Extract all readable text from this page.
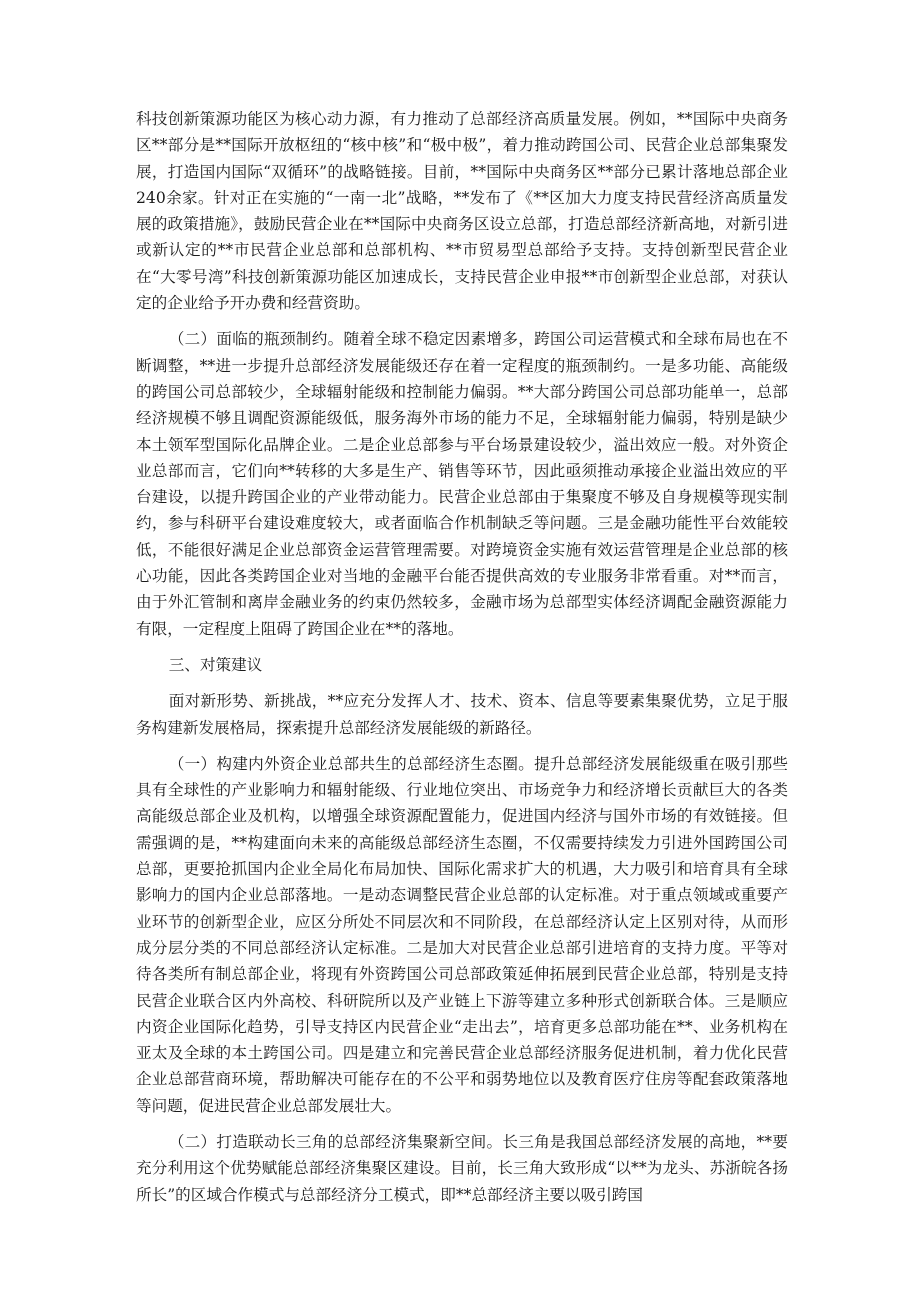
科技创新策源功能区为核心动力源，有力推动了总部经济高质量发展。例如，**国际中央商务区**部分是**国际开放枢纽的“核中核”和“极中极”，着力推动跨国公司、民营企业总部集聚发展，打造国内国际“双循环”的战略链接。目前，**国际中央商务区**部分已累计落地总部企业240余家。针对正在实施的“一南一北”战略，**发布了《**区加大力度支持民营经济高质量发展的政策措施》，鼓励民营企业在**国际中央商务区设立总部，打造总部经济新高地，对新引进或新认定的**市民营企业总部和总部机构、**市贸易型总部给予支持。支持创新型民营企业在“大零号湾”科技创新策源功能区加速成长，支持民营企业申报**市创新型企业总部，对获认定的企业给予开办费和经营资助。

（二）面临的瓶颈制约。随着全球不稳定因素增多，跨国公司运营模式和全球布局也在不断调整，**进一步提升总部经济发展能级还存在着一定程度的瓶颈制约。一是多功能、高能级的跨国公司总部较少，全球辐射能级和控制能力偏弱。**大部分跨国公司总部功能单一，总部经济规模不够且调配资源能级低，服务海外市场的能力不足，全球辐射能力偏弱，特别是缺少本土领军型国际化品牌企业。二是企业总部参与平台场景建设较少，溢出效应一般。对外资企业总部而言，它们向**转移的大多是生产、销售等环节，因此亟须推动承接企业溢出效应的平台建设，以提升跨国企业的产业带动能力。民营企业总部由于集聚度不够及自身规模等现实制约，参与科研平台建设难度较大，或者面临合作机制缺乏等问题。三是金融功能性平台效能较低，不能很好满足企业总部资金运营管理需要。对跨境资金实施有效运营管理是企业总部的核心功能，因此各类跨国企业对当地的金融平台能否提供高效的专业服务非常看重。对**而言，由于外汇管制和离岸金融业务的约束仍然较多，金融市场为总部型实体经济调配金融资源能力有限，一定程度上阻碍了跨国企业在**的落地。

三、对策建议

面对新形势、新挑战，**应充分发挥人才、技术、资本、信息等要素集聚优势，立足于服务构建新发展格局，探索提升总部经济发展能级的新路径。

（一）构建内外资企业总部共生的总部经济生态圈。提升总部经济发展能级重在吸引那些具有全球性的产业影响力和辐射能级、行业地位突出、市场竞争力和经济增长贡献巨大的各类高能级总部企业及机构，以增强全球资源配置能力，促进国内经济与国外市场的有效链接。但需强调的是，**构建面向未来的高能级总部经济生态圈，不仅需要持续发力引进外国跨国公司总部，更要抢抓国内企业全局化布局加快、国际化需求扩大的机遇，大力吸引和培育具有全球影响力的国内企业总部落地。一是动态调整民营企业总部的认定标准。对于重点领域或重要产业环节的创新型企业，应区分所处不同层次和不同阶段，在总部经济认定上区别对待，从而形成分层分类的不同总部经济认定标准。二是加大对民营企业总部引进培育的支持力度。平等对待各类所有制总部企业，将现有外资跨国公司总部政策延伸拓展到民营企业总部，特别是支持民营企业联合区内外高校、科研院所以及产业链上下游等建立多种形式创新联合体。三是顺应内资企业国际化趋势，引导支持区内民营企业“走出去”，培育更多总部功能在**、业务机构在亚太及全球的本土跨国公司。四是建立和完善民营企业总部经济服务促进机制，着力优化民营企业总部营商环境，帮助解决可能存在的不公平和弱势地位以及教育医疗住房等配套政策落地等问题，促进民营企业总部发展壮大。

（二）打造联动长三角的总部经济集聚新空间。长三角是我国总部经济发展的高地，**要充分利用这个优势赋能总部经济集聚区建设。目前，长三角大致形成“以**为龙头、苏浙皖各扬所长”的区域合作模式与总部经济分工模式，即**总部经济主要以吸引跨国
